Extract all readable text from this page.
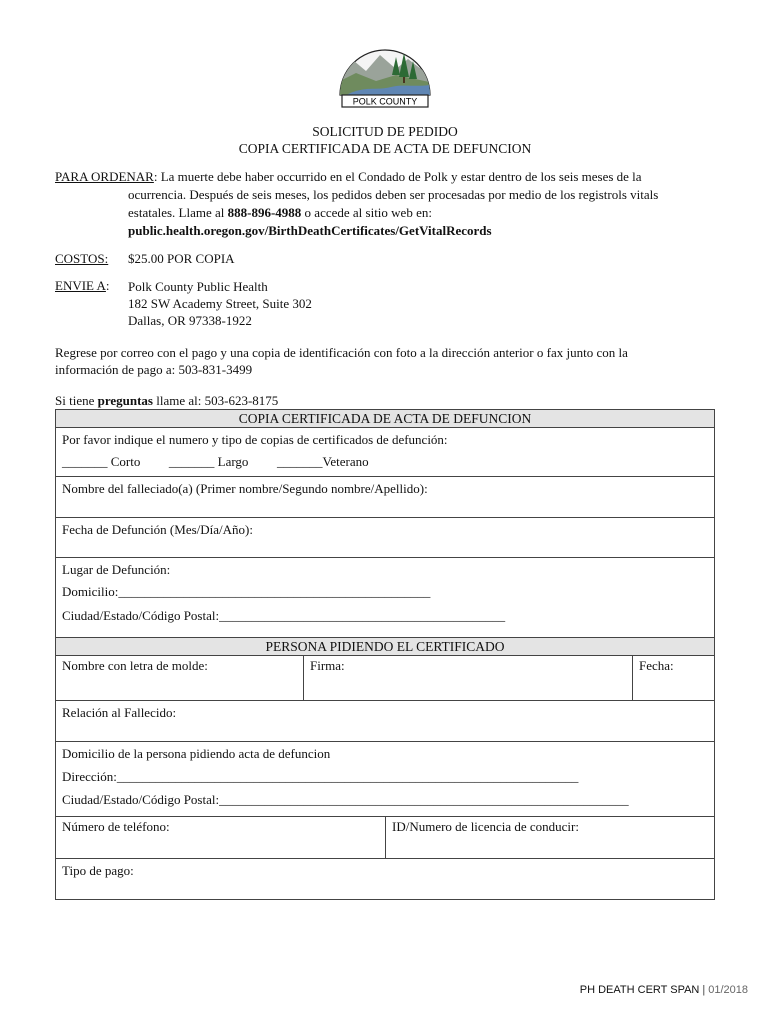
POLK COUNTY
SOLICITUD DE PEDIDO
COPIA CERTIFICADA DE ACTA DE DEFUNCION
PARA ORDENAR: La muerte debe haber occurrido en el Condado de Polk y estar dentro de los seis meses de la
ocurrencia. Después de seis meses, los pedidos deben ser procesadas por medio de los registrols vitals
estatales. Llame al 888-896-4988 o accede al sitio web en:
public.health.oregon.gov/BirthDeathCertificates/GetVitalRecords
COSTOS: $25.00 POR COPIA
ENVIE A:	Polk County Public Health
182 SW Academy Street, Suite 302
Dallas, OR 97338-1922
Regrese por correo con el pago y una copia de identificación con foto a la dirección anterior o fax junto con la
información de pago a: 503-831-3499
Si tiene preguntas llame al: 503-623-8175
COPIA CERTIFICADA DE ACTA DE DEFUNCION
Por favor indique el numero y tipo de copias de certificados de defunción:
_______ Corto _______ Largo _______Veterano
Nombre del falleciado(a) (Primer nombre/Segundo nombre/Apellido):
Fecha de Defunción (Mes/Día/Año):
Lugar de Defunción:
Domicilio:________________________________________________
Ciudad/Estado/Código Postal:____________________________________________
PERSONA PIDIENDO EL CERTIFICADO
Nombre con letra de molde:	Firma:	Fecha:
Relación al Fallecido:
Domicilio de la persona pidiendo acta de defuncion
Dirección:_______________________________________________________________________
Ciudad/Estado/Código Postal:_______________________________________________________________
Número de teléfono:	ID/Numero de licencia de conducir:
Tipo de pago:
PH DEATH CERT SPAN | 01/2018
